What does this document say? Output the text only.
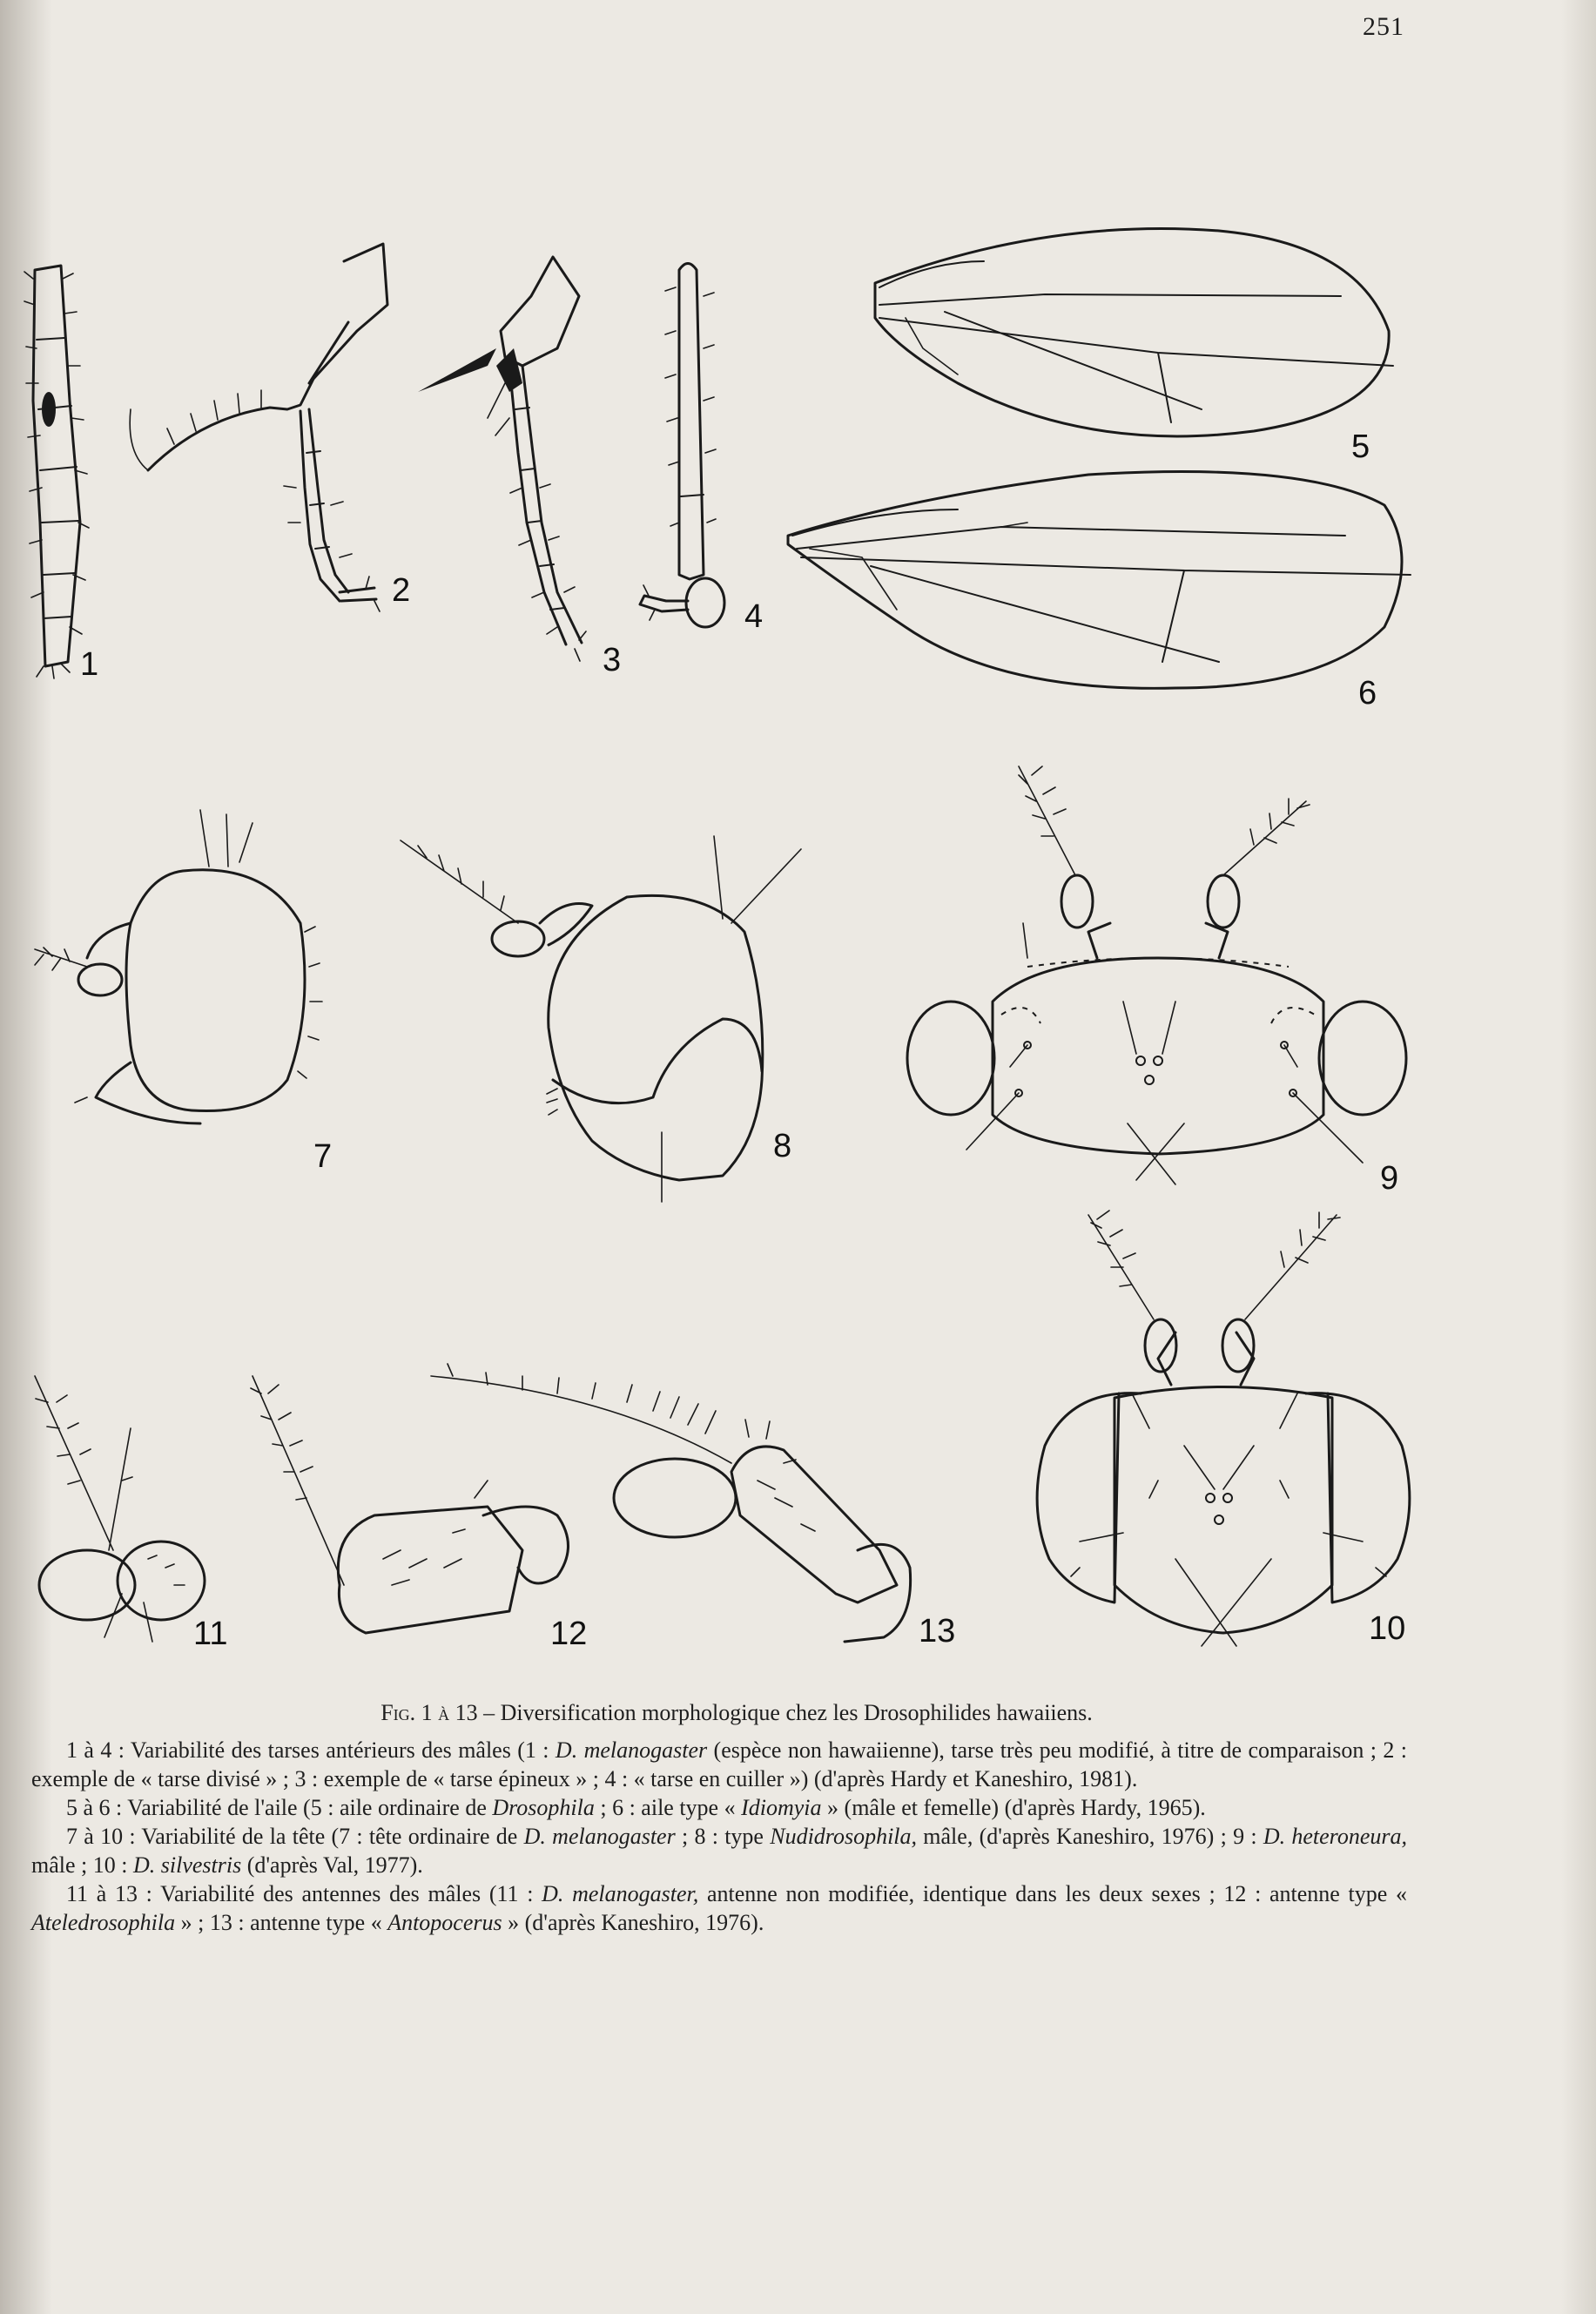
251
1
2
3
4
5
6
7	8
9
10
11	12	13

Fig. 1 à 13 – Diversification morphologique chez les Drosophilides hawaiiens.

1 à 4 : Variabilité des tarses antérieurs des mâles (1 : D. melanogaster (espèce non hawaiienne), tarse très peu modifié, à titre de comparaison ; 2 : exemple de « tarse divisé » ; 3 : exemple de « tarse épineux » ; 4 : « tarse en cuiller ») (d'après Hardy et Kaneshiro, 1981).

5 à 6 : Variabilité de l'aile (5 : aile ordinaire de Drosophila ; 6 : aile type « Idiomyia » (mâle et femelle) (d'après Hardy, 1965).

7 à 10 : Variabilité de la tête (7 : tête ordinaire de D. melanogaster ; 8 : type Nudidrosophila, mâle, (d'après Kaneshiro, 1976) ; 9 : D. heteroneura, mâle ; 10 : D. silvestris (d'après Val, 1977).

11 à 13 : Variabilité des antennes des mâles (11 : D. melanogaster, antenne non modifiée, identique dans les deux sexes ; 12 : antenne type « Ateledrosophila » ; 13 : antenne type « Antopocerus » (d'après Kaneshiro, 1976).
